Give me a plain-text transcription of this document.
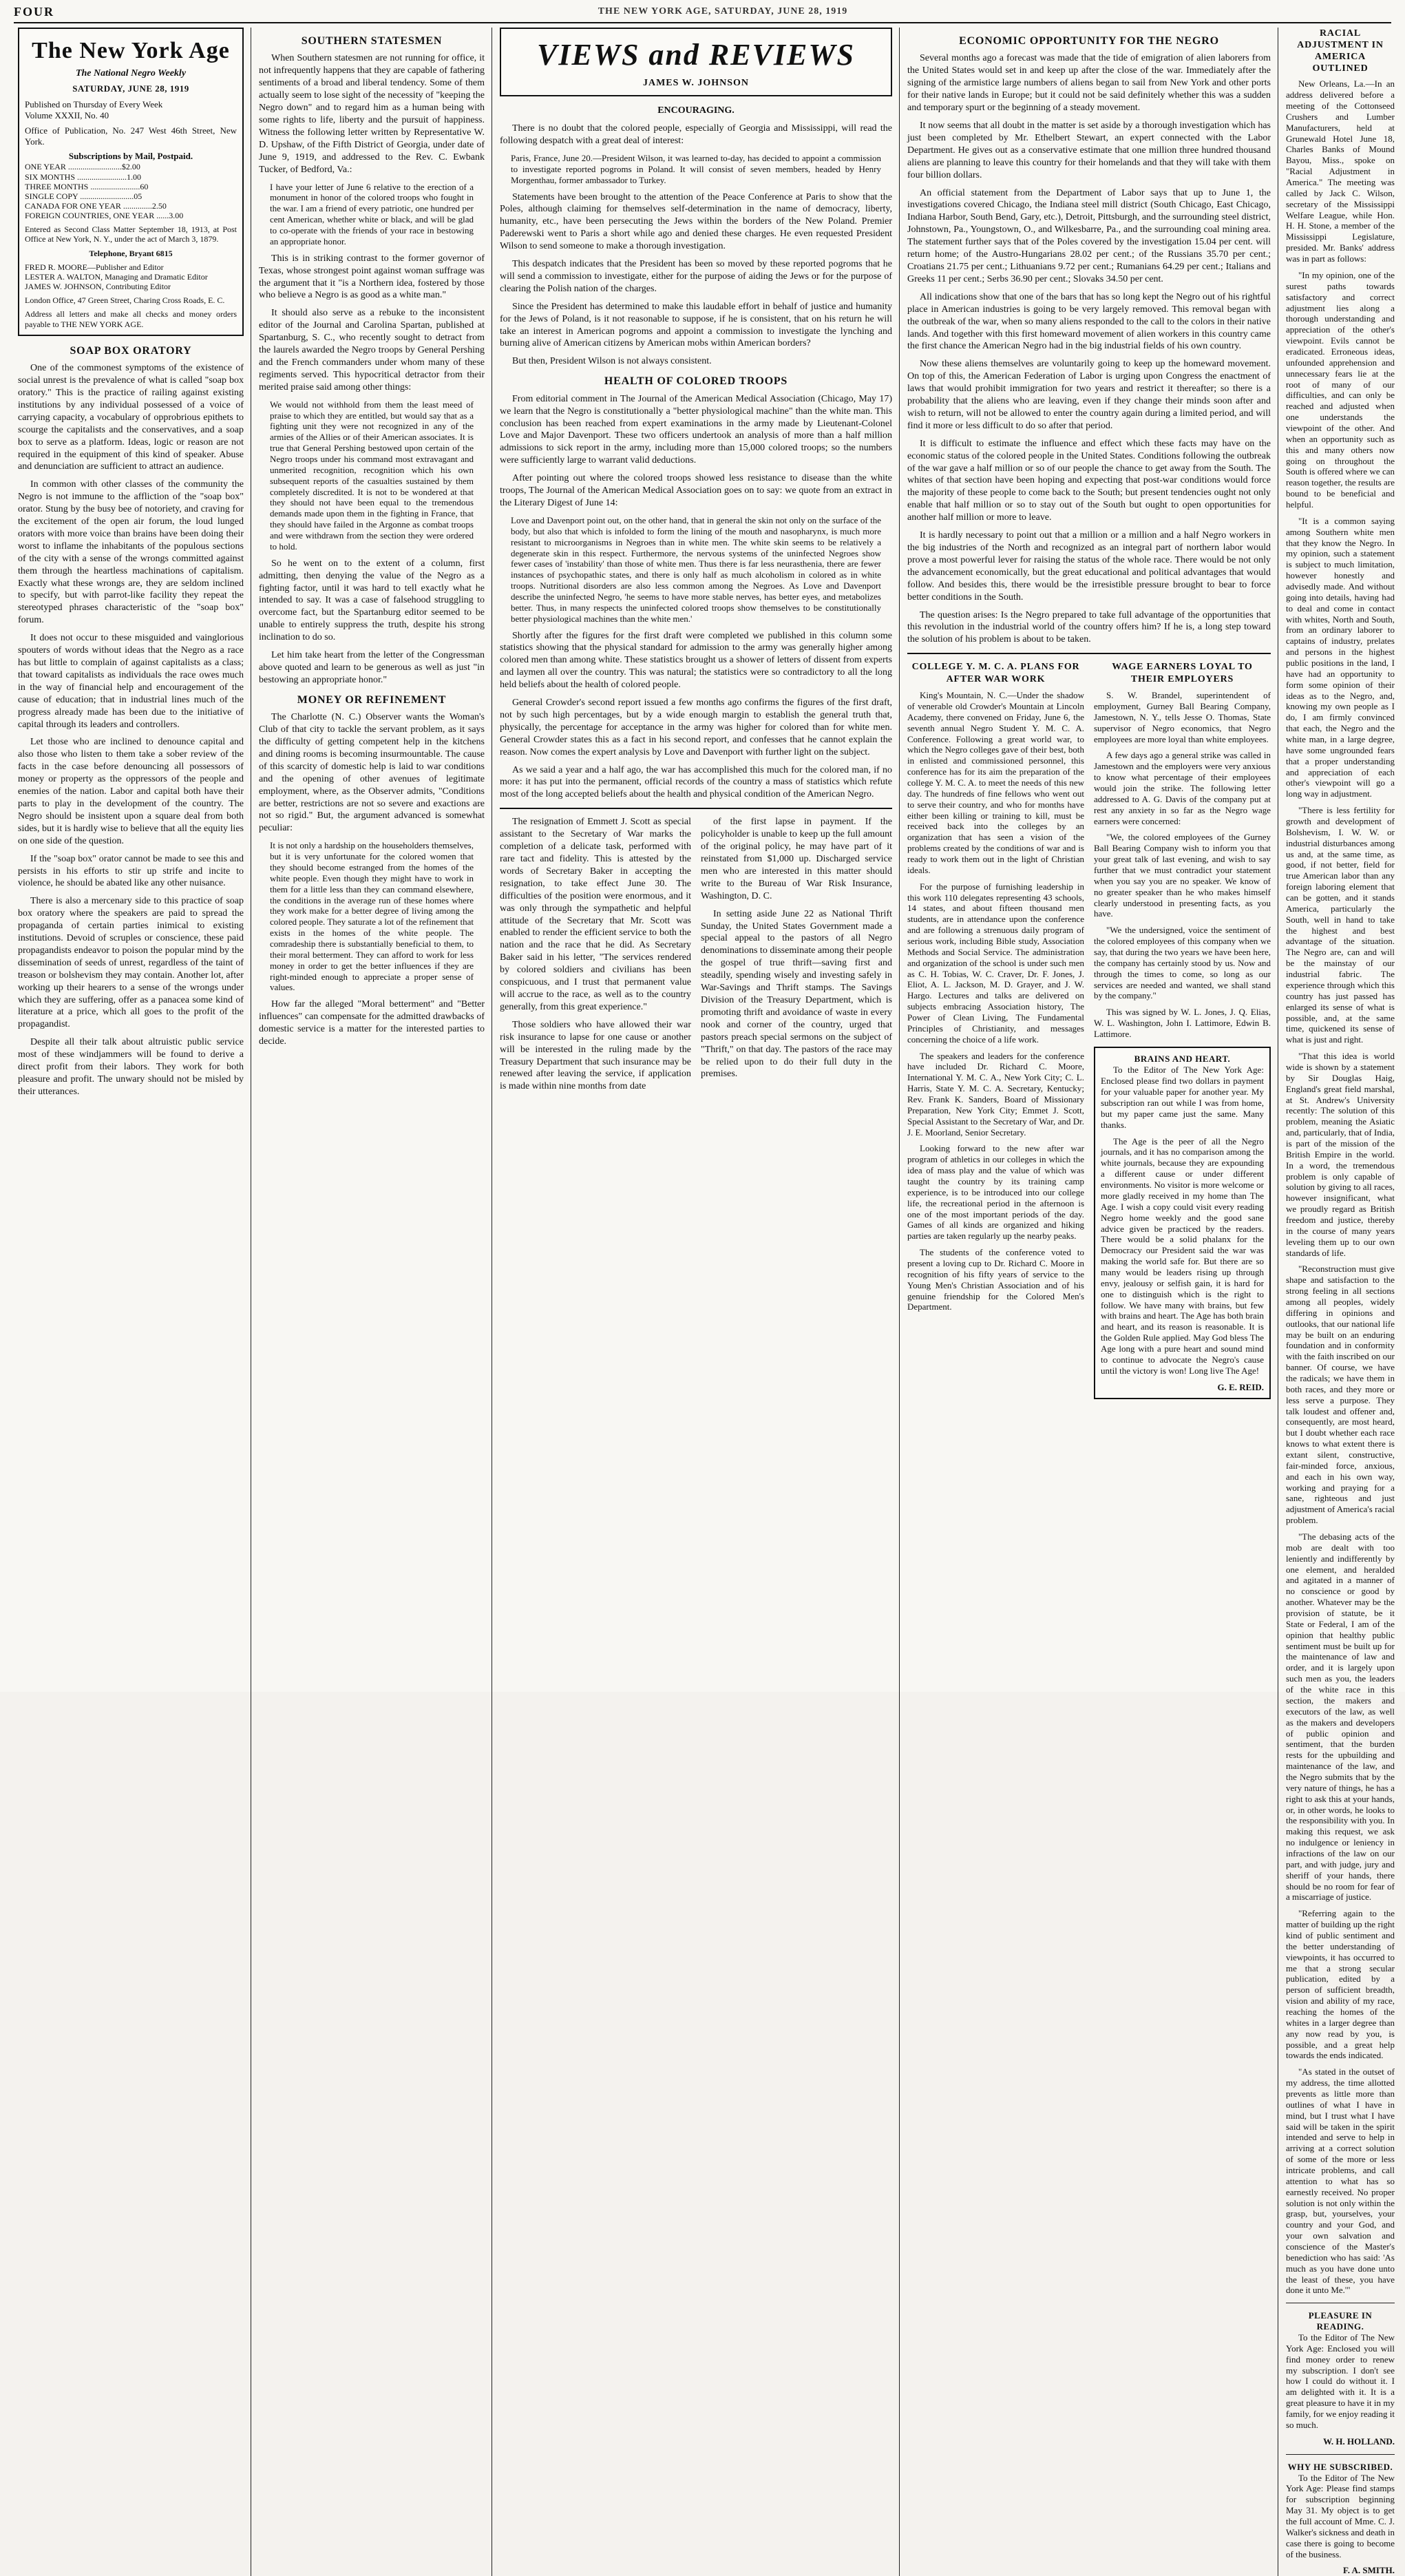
FOUR	THE NEW YORK AGE, SATURDAY, JUNE 28, 1919
The New York Age
The National Negro Weekly
SATURDAY, JUNE 28, 1919
Published on Thursday of Every Week
Volume XXXII, No. 40
Office of Publication, No. 247 West 46th Street, New York.
Subscriptions by Mail, Postpaid.
ONE YEAR ..........................$2.00
SIX MONTHS ........................1.00
THREE MONTHS ........................60
SINGLE COPY ..........................05
CANADA FOR ONE YEAR ..............2.50
FOREIGN COUNTRIES, ONE YEAR ......3.00
Entered as Second Class Matter September 18, 1913, at Post Office at New York, N. Y., under the act of March 3, 1879.
Telephone, Bryant 6815
FRED R. MOORE—Publisher and Editor
LESTER A. WALTON, Managing and Dramatic Editor
JAMES W. JOHNSON, Contributing Editor
London Office, 47 Green Street, Charing Cross Roads, E. C.
Address all letters and make all checks and money orders payable to THE NEW YORK AGE.
SOAP BOX ORATORY
One of the commonest symptoms of the existence of social unrest is the prevalence of what is called "soap box oratory." This is the practice of railing against existing institutions by any individual possessed of a voice of carrying capacity, a vocabulary of opprobrious epithets to scourge the capitalists and the conservatives, and a soap box to serve as a platform. Ideas, logic or reason are not required in the equipment of this kind of speaker. Abuse and denunciation are sufficient to attract an audience.
In common with other classes of the community the Negro is not immune to the affliction of the "soap box" orator. Stung by the busy bee of notoriety, and craving for the excitement of the open air forum, the loud lunged orators with more voice than brains have been doing their worst to inflame the inhabitants of the populous sections of the city with a sense of the wrongs committed against them through the heartless machinations of capitalism. Exactly what these wrongs are, they are seldom inclined to specify, but with parrot-like facility they repeat the stereotyped phrases characteristic of the "soap box" forum.
It does not occur to these misguided and vainglorious spouters of words without ideas that the Negro as a race has but little to complain of against capitalists as a class; that toward capitalists as individuals the race owes much in the way of financial help and encouragement of the cause of education; that in industrial lines much of the progress already made has been due to the initiative of capital through its leaders and controllers.
Let those who are inclined to denounce capital and also those who listen to them take a sober review of the facts in the case before denouncing all possessors of money or property as the oppressors of the people and enemies of the nation. Labor and capital both have their parts to play in the development of the country. The Negro should be insistent upon a square deal from both sides, but it is hardly wise to believe that all the equity lies on one side of the question.
If the "soap box" orator cannot be made to see this and persists in his efforts to stir up strife and incite to violence, he should be abated like any other nuisance.
There is also a mercenary side to this practice of soap box oratory where the speakers are paid to spread the propaganda of certain parties inimical to existing institutions. Devoid of scruples or conscience, these paid propagandists endeavor to poison the popular mind by the dissemination of seeds of unrest, regardless of the taint of treason or bolshevism they may contain. Another lot, after working up their hearers to a sense of the wrongs under which they are suffering, offer as a panacea some kind of literature at a price, which all goes to the profit of the propagandist.
Despite all their talk about altruistic public service most of these windjammers will be found to derive a direct profit from their labors. They work for both pleasure and profit. The unwary should not be misled by their utterances.
SOUTHERN STATESMEN
When Southern statesmen are not running for office, it not infrequently happens that they are capable of fathering sentiments of a broad and liberal tendency. Some of them actually seem to lose sight of the necessity of "keeping the Negro down" and to regard him as a human being with some rights to life, liberty and the pursuit of happiness. Witness the following letter written by Representative W. D. Upshaw, of the Fifth District of Georgia, under date of June 9, 1919, and addressed to the Rev. C. Ewbank Tucker, of Bedford, Va.:
I have your letter of June 6 relative to the erection of a monument in honor of the colored troops who fought in the war. I am a friend of every patriotic, one hundred per cent American, whether white or black, and will be glad to co-operate with the friends of your race in bestowing an appropriate honor.
This is in striking contrast to the former governor of Texas, whose strongest point against woman suffrage was the argument that it "is a Northern idea, fostered by those who believe a Negro is as good as a white man."
It should also serve as a rebuke to the inconsistent editor of the Journal and Carolina Spartan, published at Spartanburg, S. C., who recently sought to detract from the laurels awarded the Negro troops by General Pershing and the French commanders under whom many of these regiments served. This hypocritical detractor from their merited praise said among other things:
We would not withhold from them the least meed of praise to which they are entitled, but would say that as a fighting unit they were not recognized in any of the armies of the Allies or of their American associates. It is true that General Pershing bestowed upon certain of the Negro troops under his command most extravagant and unmerited recognition, recognition which his own subsequent reports of the casualties sustained by them completely discredited. It is not to be wondered at that they should not have been equal to the tremendous demands made upon them in the fighting in France, that they should have failed in the Argonne as combat troops and were withdrawn from the section they were ordered to hold.
So he went on to the extent of a column, first admitting, then denying the value of the Negro as a fighting factor, until it was hard to tell exactly what he intended to say. It was a case of falsehood struggling to overcome fact, but the Spartanburg editor seemed to be unable to entirely suppress the truth, despite his strong inclination to do so.
Let him take heart from the letter of the Congressman above quoted and learn to be generous as well as just "in bestowing an appropriate honor."
MONEY OR REFINEMENT
The Charlotte (N. C.) Observer wants the Woman's Club of that city to tackle the servant problem, as it says the difficulty of getting competent help in the kitchens and dining rooms is becoming insurmountable. The cause of this scarcity of domestic help is laid to war conditions and the opening of other avenues of legitimate employment, where, as the Observer admits, "Conditions are better, restrictions are not so severe and exactions are not so rigid." But, the argument advanced is somewhat peculiar:
It is not only a hardship on the householders themselves, but it is very unfortunate for the colored women that they should become estranged from the homes of the white people. Even though they might have to work in them for a little less than they can command elsewhere, the conditions in the average run of these homes where they work make for a better degree of living among the colored people. They saturate a lot of the refinement that exists in the homes of the white people. The comradeship there is substantially beneficial to them, to their moral betterment. They can afford to work for less money in order to get the better influences if they are right-minded enough to appreciate a proper sense of values.
How far the alleged "Moral betterment" and "Better influences" can compensate for the admitted drawbacks of domestic service is a matter for the interested parties to decide.
VIEWS and REVIEWS
JAMES W. JOHNSON
ENCOURAGING.
There is no doubt that the colored people, especially of Georgia and Mississippi, will read the following despatch with a great deal of interest:
Paris, France, June 20.—President Wilson, it was learned to-day, has decided to appoint a commission to investigate reported pogroms in Poland. It will consist of seven members, headed by Henry Morgenthau, former ambassador to Turkey.
Statements have been brought to the attention of the Peace Conference at Paris to show that the Poles, although claiming for themselves self-determination in the name of democracy, liberty, humanity, etc., have been persecuting the Jews within the borders of the New Poland. Premier Paderewski went to Paris a short while ago and denied these charges. He even requested President Wilson to send someone to make a thorough investigation.
This despatch indicates that the President has been so moved by these reported pogroms that he will send a commission to investigate, either for the purpose of aiding the Jews or for the purpose of clearing the Polish nation of the charges.
Since the President has determined to make this laudable effort in behalf of justice and humanity for the Jews of Poland, is it not reasonable to suppose, if he is consistent, that on his return he will take an interest in American pogroms and appoint a commission to investigate the lynching and burning alive of American citizens by American mobs within American borders?
But then, President Wilson is not always consistent.
HEALTH OF COLORED TROOPS
From editorial comment in The Journal of the American Medical Association (Chicago, May 17) we learn that the Negro is constitutionally a "better physiological machine" than the white man. This conclusion has been reached from expert examinations in the army made by Lieutenant-Colonel Love and Major Davenport. These two officers undertook an analysis of more than a half million admissions to sick report in the army, including more than 15,000 colored troops; so the numbers were sufficiently large to warrant valid deductions.
After pointing out where the colored troops showed less resistance to disease than the white troops, The Journal of the American Medical Association goes on to say: we quote from an extract in the Literary Digest of June 14:
Love and Davenport point out, on the other hand, that in general the skin not only on the surface of the body, but also that which is infolded to form the lining of the mouth and nasopharynx, is much more resistant to microorganisms in Negroes than in white men. The white skin seems to be relatively a degenerate skin in this respect. Furthermore, the nervous systems of the uninfected Negroes show fewer cases of 'instability' than those of white men. Thus there is far less neurasthenia, there are fewer instances of psychopathic states, and there is only half as much alcoholism in colored as in white troops. Nutritional disorders are also less common among the Negroes. As Love and Davenport describe the uninfected Negro, 'he seems to have more stable nerves, has better eyes, and metabolizes better. Thus, in many respects the uninfected colored troops show themselves to be constitutionally better physiological machines than the white men.'
Shortly after the figures for the first draft were completed we published in this column some statistics showing that the physical standard for admission to the army was generally higher among colored men than among white. These statistics brought us a shower of letters of dissent from experts and laymen all over the country. This was natural; the statistics were so contradictory to all the long held beliefs about the health of colored people.
General Crowder's second report issued a few months ago confirms the figures of the first draft, not by such high percentages, but by a wide enough margin to establish the general truth that, physically, the percentage for acceptance in the army was higher for colored than for white men. General Crowder states this as a fact in his second report, and confesses that he cannot explain the reason. Now comes the expert analysis by Love and Davenport with further light on the subject.
As we said a year and a half ago, the war has accomplished this much for the colored man, if no more: it has put into the permanent, official records of the country a mass of statistics which refute most of the long accepted beliefs about the health and physical condition of the American Negro.
The resignation of Emmett J. Scott as special assistant to the Secretary of War marks the completion of a delicate task, performed with rare tact and fidelity. This is attested by the words of Secretary Baker in accepting the resignation, to take effect June 30. The difficulties of the position were enormous, and it was only through the sympathetic and helpful attitude of the Secretary that Mr. Scott was enabled to render the efficient service to both the nation and the race that he did. As Secretary Baker said in his letter, "The services rendered by colored soldiers and civilians has been conspicuous, and I trust that permanent value will accrue to the race, as well as to the country generally, from this great experience."
Those soldiers who have allowed their war risk insurance to lapse for one cause or another will be interested in the ruling made by the Treasury Department that such insurance may be renewed after leaving the service, if application is made within nine months from date
of the first lapse in payment. If the policyholder is unable to keep up the full amount of the original policy, he may have part of it reinstated from $1,000 up. Discharged service men who are interested in this matter should write to the Bureau of War Risk Insurance, Washington, D. C.
In setting aside June 22 as National Thrift Sunday, the United States Government made a special appeal to the pastors of all Negro denominations to disseminate among their people the gospel of true thrift—saving first and steadily, spending wisely and investing safely in War-Savings and Thrift stamps. The Savings Division of the Treasury Department, which is promoting thrift and avoidance of waste in every nook and corner of the country, urged that pastors preach special sermons on the subject of "Thrift," on that day. The pastors of the race may be relied upon to do their full duty in the premises.
ECONOMIC OPPORTUNITY FOR THE NEGRO
Several months ago a forecast was made that the tide of emigration of alien laborers from the United States would set in and keep up after the close of the war. Immediately after the signing of the armistice large numbers of aliens began to sail from New York and other ports for their native lands in Europe; but it could not be said definitely whether this was a sudden and temporary spurt or the beginning of a steady movement.
It now seems that all doubt in the matter is set aside by a thorough investigation which has just been completed by Mr. Ethelbert Stewart, an expert connected with the Labor Department. He gives out as a conservative estimate that one million three hundred thousand aliens are planning to leave this country for their homelands and that they will take with them four billion dollars.
An official statement from the Department of Labor says that up to June 1, the investigations covered Chicago, the Indiana steel mill district (South Chicago, East Chicago, Indiana Harbor, South Bend, Gary, etc.), Detroit, Pittsburgh, and the surrounding steel district, Johnstown, Pa., Youngstown, O., and Wilkesbarre, Pa., and the surrounding coal mining area. The statement further says that of the Poles covered by the investigation 15.04 per cent. will return home; of the Austro-Hungarians 28.02 per cent.; of the Russians 35.70 per cent.; Croatians 21.75 per cent.; Lithuanians 9.72 per cent.; Rumanians 64.29 per cent.; Italians and Greeks 11 per cent.; Serbs 36.90 per cent.; Slovaks 34.50 per cent.
All indications show that one of the bars that has so long kept the Negro out of his rightful place in American industries is going to be very largely removed. This removal began with the outbreak of the war, when so many aliens responded to the call to the colors in their native lands. And together with this first homeward movement of alien workers in this country came the first chance the American Negro had in the big industrial fields of his own country.
Now these aliens themselves are voluntarily going to keep up the homeward movement. On top of this, the American Federation of Labor is urging upon Congress the enactment of laws that would prohibit immigration for two years and restrict it thereafter; so there is a probability that the aliens who are leaving, even if they change their minds soon after and wish to return, will not be allowed to enter the country again during a limited period, and will find it more or less difficult to do so after that period.
It is difficult to estimate the influence and effect which these facts may have on the economic status of the colored people in the United States. Conditions following the outbreak of the war gave a half million or so of our people the chance to get away from the South. The whites of that section have been hoping and expecting that post-war conditions would force the majority of these people to come back to the South; but present tendencies ought not only enable that half million or so to stay out of the South but ought to open opportunities for another half million or more to leave.
It is hardly necessary to point out that a million or a million and a half Negro workers in the big industries of the North and recognized as an integral part of northern labor would prove a most powerful lever for raising the status of the whole race. There would be not only the advancement economically, but the great educational and political advantages that would follow. And besides this, there would be the irresistible pressure brought to bear to force better conditions in the South.
The question arises: Is the Negro prepared to take full advantage of the opportunities that this revolution in the industrial world of the country offers him? If he is, a long step toward the solution of his problem is about to be taken.
COLLEGE Y. M. C. A. PLANS FOR AFTER WAR WORK
King's Mountain, N. C.—Under the shadow of venerable old Crowder's Mountain at Lincoln Academy, there convened on Friday, June 6, the seventh annual Negro Student Y. M. C. A. Conference. Following a great world war, to which the Negro colleges gave of their best, both in enlisted and commissioned personnel, this conference has for its aim the preparation of the college Y. M. C. A. to meet the needs of this new day. The hundreds of fine fellows who went out to serve their country, and who for months have either been killing or training to kill, must be received back into the colleges by an organization that has seen a vision of the problems created by the conditions of war and is ready to work them out in the light of Christian ideals.
For the purpose of furnishing leadership in this work 110 delegates representing 43 schools, 14 states, and about fifteen thousand men students, are in attendance upon the conference and are following a strenuous daily program of serious work, including Bible study, Association Methods and Social Service. The administration and organization of the school is under such men as C. H. Tobias, W. C. Craver, Dr. F. Jones, J. Eliot, A. L. Jackson, M. D. Grayer, and J. W. Hargo. Lectures and talks are delivered on subjects embracing Association history, The Power of Clean Living, The Fundamental Principles of Christianity, and messages concerning the choice of a life work.
The speakers and leaders for the conference have included Dr. Richard C. Moore, International Y. M. C. A., New York City; C. L. Harris, State Y. M. C. A. Secretary, Kentucky; Rev. Frank K. Sanders, Board of Missionary Preparation, New York City; Emmet J. Scott, Special Assistant to the Secretary of War, and Dr. J. E. Moorland, Senior Secretary.
Looking forward to the new after war program of athletics in our colleges in which the idea of mass play and the value of which was taught the country by its training camp experience, is to be introduced into our college life, the recreational period in the afternoon is one of the most important periods of the day. Games of all kinds are organized and hiking parties are taken regularly up the nearby peaks.
The students of the conference voted to present a loving cup to Dr. Richard C. Moore in recognition of his fifty years of service to the Young Men's Christian Association and of his genuine friendship for the Colored Men's Department.
WAGE EARNERS LOYAL TO THEIR EMPLOYERS
S. W. Brandel, superintendent of employment, Gurney Ball Bearing Company, Jamestown, N. Y., tells Jesse O. Thomas, State supervisor of Negro economics, that Negro employees are more loyal than white employees.
A few days ago a general strike was called in Jamestown and the employers were very anxious to know what percentage of their employees would join the strike. The following letter addressed to A. G. Davis of the company put at rest any anxiety in so far as the Negro wage earners were concerned:
"We, the colored employees of the Gurney Ball Bearing Company wish to inform you that your great talk of last evening, and wish to say further that we must contradict your statement when you say you are no speaker. We know of no greater speaker than he who makes himself clearly understood in presenting facts, as you have.
"We the undersigned, voice the sentiment of the colored employees of this company when we say, that during the two years we have been here, the company has certainly stood by us. Now and through the times to come, so long as our services are needed and wanted, we shall stand by the company."
This was signed by W. L. Jones, J. Q. Elias, W. L. Washington, John I. Lattimore, Edwin B. Lattimore.
BRAINS AND HEART.
To the Editor of The New York Age: Enclosed please find two dollars in payment for your valuable paper for another year. My subscription ran out while I was from home, but my paper came just the same. Many thanks.
The Age is the peer of all the Negro journals, and it has no comparison among the white journals, because they are expounding a different cause or under different environments. No visitor is more welcome or more gladly received in my home than The Age. I wish a copy could visit every reading Negro home weekly and the good sane advice given be practiced by the readers. There would be a solid phalanx for the Democracy our President said the war was making the world safe for. But there are so many would be leaders rising up through envy, jealousy or selfish gain, it is hard for one to distinguish which is the right to follow. We have many with brains, but few with brains and heart. The Age has both brain and heart, and its reason is reasonable. It is the Golden Rule applied. May God bless The Age long with a pure heart and sound mind to continue to advocate the Negro's cause until the victory is won! Long live The Age!
G. E. REID.
RACIAL ADJUSTMENT IN AMERICA OUTLINED
New Orleans, La.—In an address delivered before a meeting of the Cottonseed Crushers and Lumber Manufacturers, held at Grunewald Hotel June 18, Charles Banks of Mound Bayou, Miss., spoke on "Racial Adjustment in America." The meeting was called by Jack C. Wilson, secretary of the Mississippi Welfare League, while Hon. H. H. Stone, a member of the Mississippi Legislature, presided. Mr. Banks' address was in part as follows:
"In my opinion, one of the surest paths towards satisfactory and correct adjustment lies along a thorough understanding and appreciation of the other's viewpoint. Evils cannot be eradicated. Erroneous ideas, unfounded apprehension and unnecessary fears lie at the root of many of our difficulties, and can only be reached and adjusted when one understands the viewpoint of the other. And when an opportunity such as this and many others now going on throughout the South is offered where we can reason together, the results are bound to be beneficial and helpful.
"It is a common saying among Southern white men that they know the Negro. In my opinion, such a statement is subject to much limitation, however honestly and advisedly made. And without going into details, having had to deal and come in contact with whites, North and South, from an ordinary laborer to captains of industry, prelates and persons in the highest public positions in the land, I have had an opportunity to form some opinion of their ideas as to the Negro, and, knowing my own people as I do, I am firmly convinced that each, the Negro and the white man, in a large degree, have some ungrounded fears that a proper understanding and appreciation of each other's viewpoint will go a long way in adjustment.
"There is less fertility for growth and development of Bolshevism, I. W. W. or industrial disturbances among us and, at the same time, as good, if not better, field for true American labor than any foreign laboring element that can be gotten, and it stands America, particularly the South, well in hand to take the highest and best advantage of the situation. The Negro are, can and will be the mainstay of our industrial fabric. The experience through which this country has just passed has enlarged its sense of what is possible, and, at the same time, quickened its sense of what is just and right.
"That this idea is world wide is shown by a statement by Sir Douglas Haig, England's great field marshal, at St. Andrew's University recently: The solution of this problem, meaning the Asiatic and, particularly, that of India, is part of the mission of the British Empire in the world. In a word, the tremendous problem is only capable of solution by giving to all races, however insignificant, what we proudly regard as British freedom and justice, thereby in the course of many years leveling them up to our own standards of life.
"Reconstruction must give shape and satisfaction to the strong feeling in all sections among all peoples, widely differing in opinions and outlooks, that our national life may be built on an enduring foundation and in conformity with the faith inscribed on our banner. Of course, we have the radicals; we have them in both races, and they more or less serve a purpose. They talk loudest and offener and, consequently, are most heard, but I doubt whether each race knows to what extent there is extant silent, constructive, fair-minded force, anxious, and each in his own way, working and praying for a sane, righteous and just adjustment of America's racial problem.
"The debasing acts of the mob are dealt with too leniently and indifferently by one element, and heralded and agitated in a manner of no conscience or good by another. Whatever may be the provision of statute, be it State or Federal, I am of the opinion that healthy public sentiment must be built up for the maintenance of law and order, and it is largely upon such men as you, the leaders of the white race in this section, the makers and executors of the law, as well as the makers and developers of public opinion and sentiment, that the burden rests for the upbuilding and maintenance of the law, and the Negro submits that by the very nature of things, he has a right to ask this at your hands, or, in other words, he looks to the responsibility with you. In making this request, we ask no indulgence or leniency in infractions of the law on our part, and with judge, jury and sheriff of your hands, there should be no room for fear of a miscarriage of justice.
"Referring again to the matter of building up the right kind of public sentiment and the better understanding of viewpoints, it has occurred to me that a strong secular publication, edited by a person of sufficient breadth, vision and ability of my race, reaching the homes of the whites in a larger degree than any now read by you, is possible, and a great help towards the ends indicated.
"As stated in the outset of my address, the time allotted prevents as little more than outlines of what I have in mind, but I trust what I have said will be taken in the spirit intended and serve to help in arriving at a correct solution of some of the more or less intricate problems, and call attention to what has so earnestly received. No proper solution is not only within the grasp, but, yourselves, your country and your God, and your own salvation and conscience of the Master's benediction who has said: 'As much as you have done unto the least of these, you have done it unto Me.'"
PLEASURE IN READING.
To the Editor of The New York Age: Enclosed you will find money order to renew my subscription. I don't see how I could do without it. I am delighted with it. It is a great pleasure to have it in my family, for we enjoy reading it so much.
W. H. HOLLAND.
WHY HE SUBSCRIBED.
To the Editor of The New York Age: Please find stamps for subscription beginning May 31. My object is to get the full account of Mme. C. J. Walker's sickness and death in case there is going to become of the business.
F. A. SMITH.
